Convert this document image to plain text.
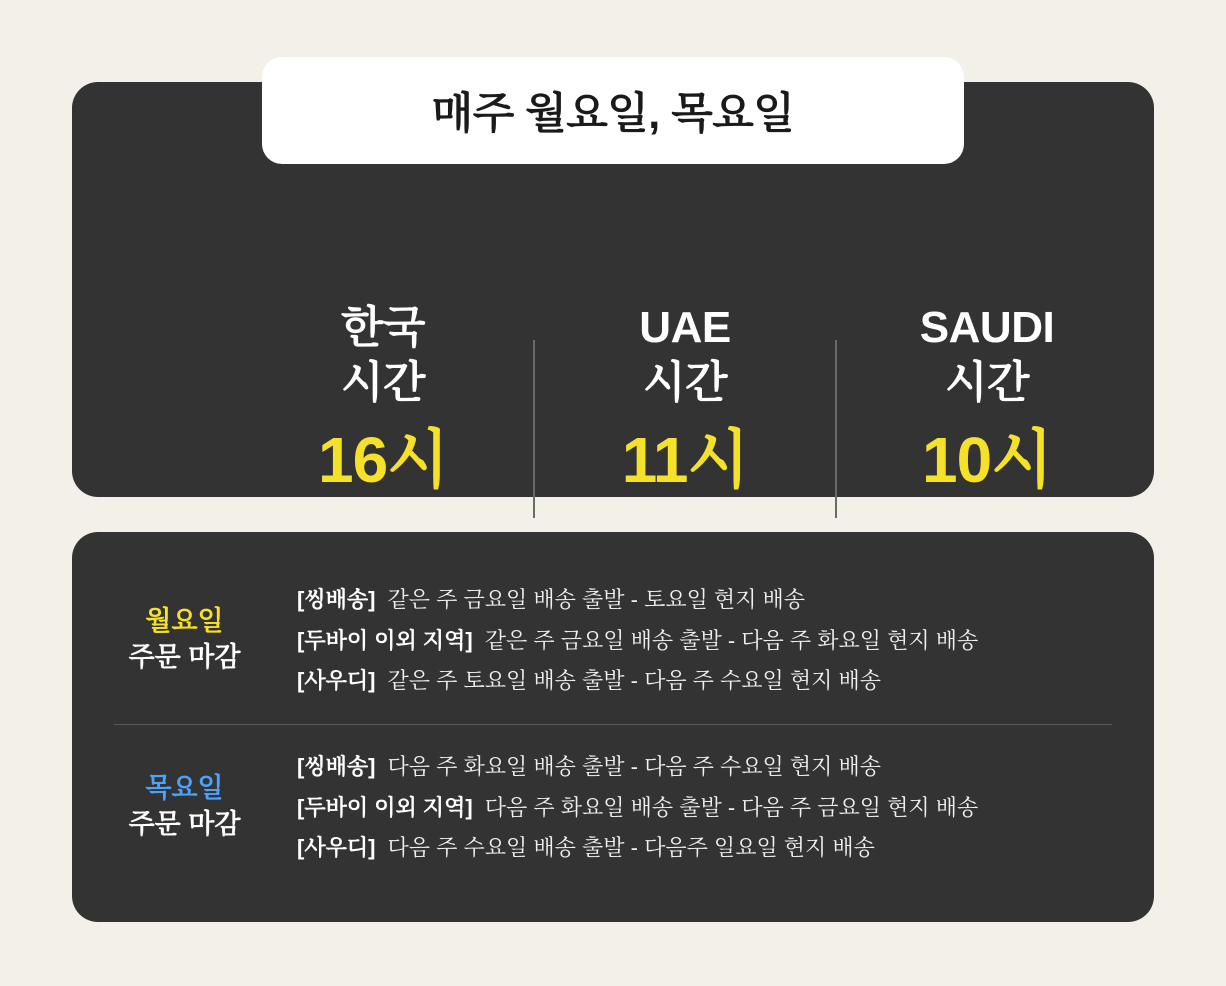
한국
시간
16시
UAE
시간
11시
SAUDI
시간
10시
매주 월요일, 목요일
월요일
주문 마감
[씽배송] 같은 주 금요일 배송 출발 - 토요일 현지 배송
[두바이 이외 지역] 같은 주 금요일 배송 출발 - 다음 주 화요일 현지 배송
[사우디] 같은 주 토요일 배송 출발 - 다음 주 수요일 현지 배송
목요일
주문 마감
[씽배송] 다음 주 화요일 배송 출발 - 다음 주 수요일 현지 배송
[두바이 이외 지역] 다음 주 화요일 배송 출발 - 다음 주 금요일 현지 배송
[사우디] 다음 주 수요일 배송 출발 - 다음주 일요일 현지 배송
